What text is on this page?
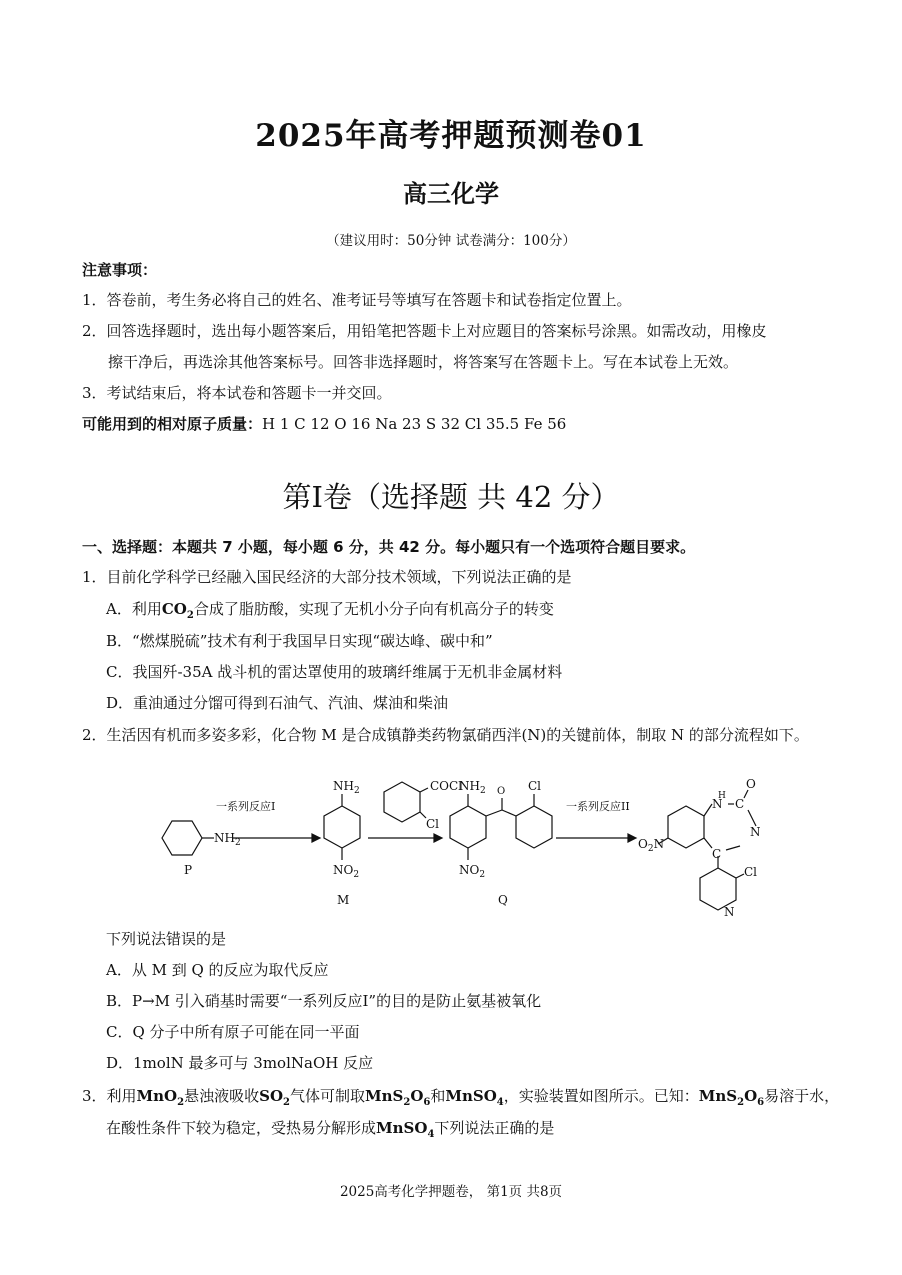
2025年高考押题预测卷01
高三化学
（建议用时：50分钟 试卷满分：100分）
注意事项：
1．答卷前，考生务必将自己的姓名、准考证号等填写在答题卡和试卷指定位置上。
2．回答选择题时，选出每小题答案后，用铅笔把答题卡上对应题目的答案标号涂黑。如需改动，用橡皮
擦干净后，再选涂其他答案标号。回答非选择题时，将答案写在答题卡上。写在本试卷上无效。
3．考试结束后，将本试卷和答题卡一并交回。
可能用到的相对原子质量：H 1 C 12 O 16 Na 23 S 32 Cl 35.5 Fe 56
第I卷（选择题 共 42 分）
一、选择题：本题共 7 小题，每小题 6 分，共 42 分。每小题只有一个选项符合题目要求。
1．目前化学科学已经融入国民经济的大部分技术领域，下列说法正确的是
A．利用$CO_2$合成了脂肪酸，实现了无机小分子向有机高分子的转变
B．“燃煤脱硫”技术有利于我国早日实现“碳达峰、碳中和”
C．我国歼-35A 战斗机的雷达罩使用的玻璃纤维属于无机非金属材料
D．重油通过分馏可得到石油气、汽油、煤油和柴油
2．生活因有机而多姿多彩，化合物 M 是合成镇静类药物氯硝西泮(N)的关键前体，制取 N 的部分流程如下。
$NH_2$
一系列反应I
P
$NH_2$
$NO_2$
M
COCl
Cl
$NH_2$ O Cl
$NO_2$
Q
一系列反应II
$O_2N$
N
H
C
O
N
C
Cl
N
下列说法错误的是
A．从 M 到 Q 的反应为取代反应
B．P→M 引入硝基时需要“一系列反应I”的目的是防止氨基被氧化
C．Q 分子中所有原子可能在同一平面
D．1molN 最多可与 3molNaOH 反应
3．利用MnO$_2$悬浊液吸收$SO_2$气体可制取$MnS_2O_6$和MnSO$_4$，实验装置如图所示。已知：$MnS_2O_6$易溶于水，
在酸性条件下较为稳定，受热易分解形成MnSO$_4$下列说法正确的是
2025高考化学押题卷， 第1页 共8页
